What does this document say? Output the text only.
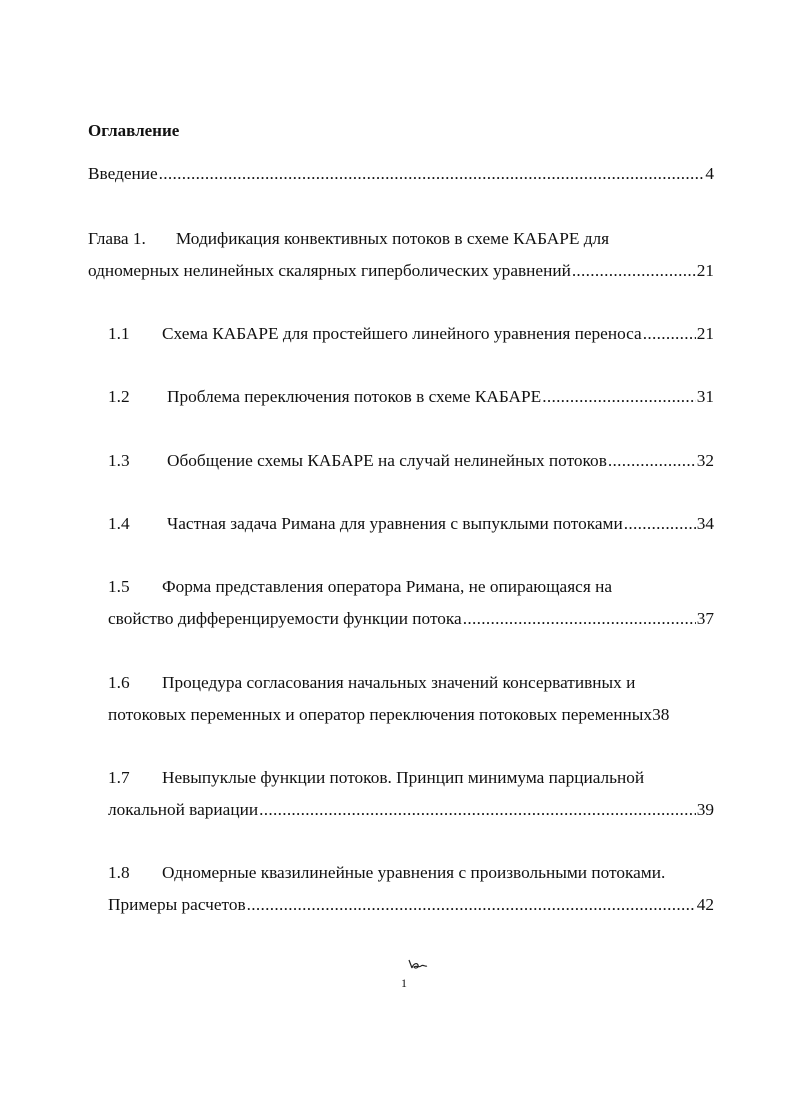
Оглавление
Введение .....	4
Глава 1. Модификация конвективных потоков в схеме КАБАРЕ для
одномерных нелинейных скалярных гиперболических уравнений .....	21
1.1	Схема КАБАРЕ для простейшего линейного уравнения переноса .....	21
1.2	Проблема переключения потоков в схеме КАБАРЕ .....	31
1.3	Обобщение схемы КАБАРЕ на случай нелинейных потоков .....	32
1.4	Частная задача Римана для уравнения с выпуклыми потоками .....	34
1.5 Форма представления оператора Римана, не опирающаяся на
свойство дифференцируемости функции потока .....	37
1.6 Процедура согласования начальных значений консервативных и
потоковых переменных и оператор переключения потоковых переменных 38
1.7 Невыпуклые функции потоков. Принцип минимума парциальной
локальной вариации .....	39
1.8 Одномерные квазилинейные уравнения с произвольными потоками.
Примеры расчетов .....	42
1
